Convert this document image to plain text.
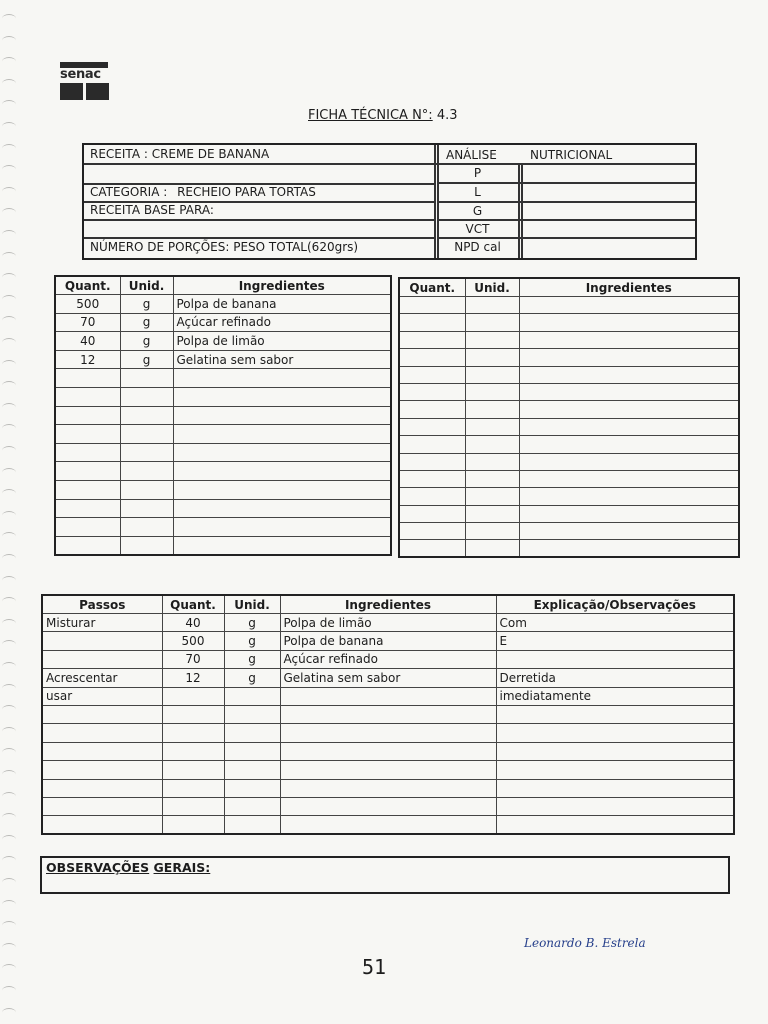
senac
FICHA TÉCNICA N°: 4.3
RECEITA : CREME DE BANANA
CATEGORIA : RECHEIO PARA TORTAS
RECEITA BASE PARA:
NÚMERO DE PORÇÕES: PESO TOTAL(620grs)
ANÁLISE	NUTRICIONAL
P
L
G
VCT
NPD cal
Quant.	Unid.	Ingredientes
500	g	Polpa de banana
70	g	Açúcar refinado
40	g	Polpa de limão
12	g	Gelatina sem sabor

Quant.	Unid.	Ingredientes

Passos	Quant.	Unid.	Ingredientes	Explicação/Observações
Misturar	40	g	Polpa de limão	Com
	500	g	Polpa de banana	E
	70	g	Açúcar refinado	
Acrescentar	12	g	Gelatina sem sabor	Derretida
usar				imediatamente

OBSERVAÇÕES GERAIS:
Leonardo B. Estrela
51
